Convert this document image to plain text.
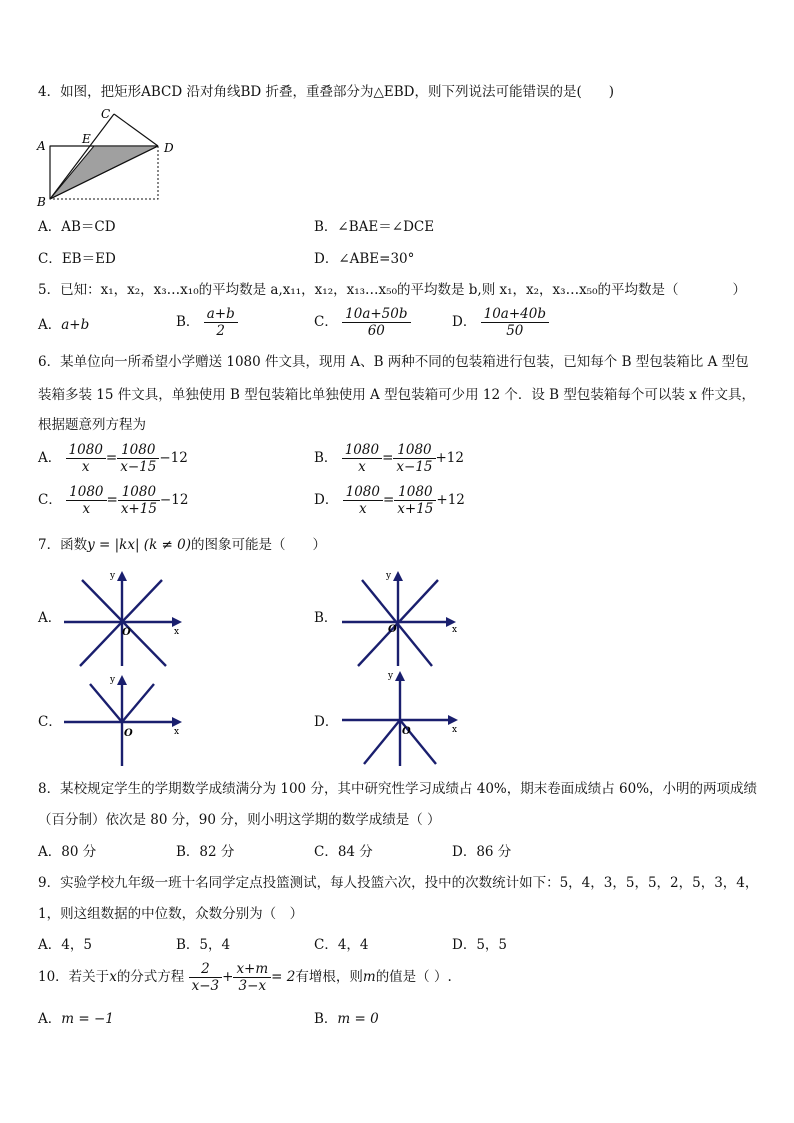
4．如图，把矩形ABCD 沿对角线BD 折叠，重叠部分为△EBD，则下列说法可能错误的是(　　)
C
E
A	D
B
A．AB＝CD	B．∠BAE＝∠DCE
C．EB＝ED	D．∠ABE=30°
5．已知：x₁，x₂，x₃…x₁₀的平均数是 a,x₁₁，x₁₂，x₁₃…x₅₀的平均数是 b,则 x₁，x₂，x₃…x₅₀的平均数是（　　　　）
A．a+b	B． $\frac{a+b}{2}$	C． $\frac{10a+50b}{60}$	D． $\frac{10a+40b}{50}$
6．某单位向一所希望小学赠送 1080 件文具，现用 A、B 两种不同的包装箱进行包装，已知每个 B 型包装箱比 A 型包
装箱多装 15 件文具，单独使用 B 型包装箱比单独使用 A 型包装箱可少用 12 个．设 B 型包装箱每个可以装 x 件文具，
根据题意列方程为
A． $\frac{1080}{x} = \frac{1080}{x-15} -12$	B． $\frac{1080}{x} = \frac{1080}{x-15} +12$
C． $\frac{1080}{x} = \frac{1080}{x+15} -12$	D． $\frac{1080}{x} = \frac{1080}{x+15} +12$
7．函数y = |kx| (k ≠ 0)的图象可能是（　　）
A．
y
O	x
B．
y
O	x
C．
y
O	x
D．
y
O	x
8．某校规定学生的学期数学成绩满分为 100 分，其中研究性学习成绩占 40%，期末卷面成绩占 60%，小明的两项成绩
（百分制）依次是 80 分，90 分，则小明这学期的数学成绩是（ ）
A．80 分	B．82 分	C．84 分	D．86 分
9．实验学校九年级一班十名同学定点投篮测试，每人投篮六次，投中的次数统计如下：5，4，3，5，5，2，5，3，4，
1，则这组数据的中位数，众数分别为（　）
A．4，5	B．5，4	C．4，4	D．5，5
10．若关于x的分式方程 $\frac{2}{x-3} + \frac{x+m}{3-x} = 2$有增根，则m的值是（ ）.
A．m = −1	B．m = 0
